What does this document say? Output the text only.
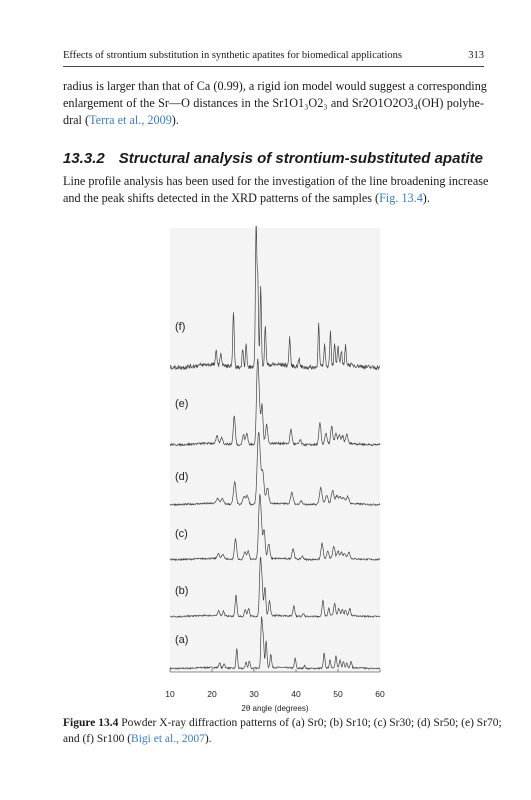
Effects of strontium substitution in synthetic apatites for biomedical applications	313
radius is larger than that of Ca (0.99), a rigid ion model would suggest a corresponding
enlargement of the Sr—O distances in the Sr1O1₃O2₃ and Sr2O1O2O3₄(OH) polyhe-
dral (Terra et al., 2009).
13.3.2 Structural analysis of strontium-substituted apatite
Line profile analysis has been used for the investigation of the line broadening increase
and the peak shifts detected in the XRD patterns of the samples (Fig. 13.4).
(a)
(b)
(c)
(d)
(e)
(f)
10	20	30	40	50	60
2θ angle (degrees)
Figure 13.4 Powder X-ray diffraction patterns of (a) Sr0; (b) Sr10; (c) Sr30; (d) Sr50; (e) Sr70;
and (f) Sr100 (Bigi et al., 2007).
